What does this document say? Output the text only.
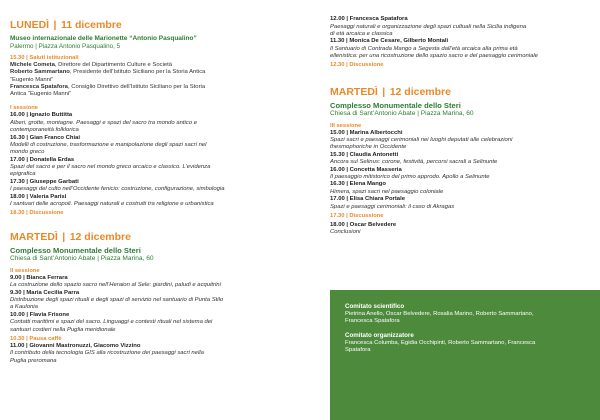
LUNEDÌ | 11 dicembre
Museo internazionale delle Marionette “Antonio Pasqualino”
Palermo | Piazza Antonio Pasqualino, 5
15.30 | Saluti istituzionali
Michele Cometa, Direttore del Dipartimento Culture e Società
Roberto Sammartano, Presidente dell’Istituto Siciliano per la Storia Antica
“Eugenio Manni”
Francesca Spatafora, Consiglio Direttivo dell’Istituto Siciliano per la Storia
Antica “Eugenio Manni”
I sessione
16.00 | Ignazio Buttitta
Alberi, grotte, montagne. Paesaggi e spazi del sacro tra mondo antico e
contemporaneità folklorica
16.30 | Gian Franco Chiai
Modelli di costruzione, trasformazione e manipolazione degli spazi sacri nel
mondo greco
17.00 | Donatella Erdas
Spazi del sacro e per il sacro nel mondo greco arcaico e classico. L’evidenza
epigrafica
17.30 | Giuseppe Garbati
I paesaggi del culto nell’Occidente fenicio: costruzione, configurazione, simbologia
18.00 | Valeria Parisi
I santuari delle acropoli. Paesaggi naturali e costruiti tra religione e urbanistica
18.30 | Discussione
MARTEDÌ | 12 dicembre
Complesso Monumentale dello Steri
Chiesa di Sant’Antonio Abate | Piazza Marina, 60
II sessione
9.00 | Bianca Ferrara
La costruzione dello spazio sacro nell’Heraion al Sele: giardini, paludi e acquitrini
9.30 | Maria Cecilia Parra
Distribuzione degli spazi rituali e degli spazi di servizio nel santuario di Punta Stilo
a Kaulonia
10.00 | Flavia Frisone
Contatti marittimi e spazi del sacro. Linguaggi e contesti rituali nel sistema dei
santuari costieri nella Puglia meridionale
10.30 | Pausa caffè
11.00 | Giovanni Mastronuzzi, Giacomo Vizzino
Il contributo della tecnologia GIS alla ricostruzione dei paesaggi sacri nella
Puglia preromana
12.00 | Francesca Spatafora
Paesaggi naturali e organizzazione degli spazi cultuali nella Sicilia indigena
di età arcaica e classica
11.30 | Monica De Cesare, Gilberto Montali
Il Santuario di Contrada Mango a Segesta dall’età arcaica alla prima età
ellenistica: per una ricostruzione dello spazio sacro e del paesaggio cerimoniale
12.30 | Discussione
MARTEDÌ | 12 dicembre
Complesso Monumentale dello Steri
Chiesa di Sant’Antonio Abate | Piazza Marina, 60
III sessione
15.00 | Marina Albertocchi
Spazi sacri e paesaggi cerimoniali nei luoghi deputati alle celebrazioni
thesmophoriche in Occidente
15.30 | Claudia Antonetti
Ancora sul Selinus: corone, festività, percorsi sacrali a Selinunte
16.00 | Concetta Masseria
Il paesaggio mitistorico del primo approdo. Apollo a Selinunte
16.30 | Elena Mango
Himera, spazi sacri nel paesaggio coloniale
17.00 | Elisa Chiara Portale
Spazi e paesaggi cerimoniali: il caso di Akragas
17.30 | Discussione
18.00 | Oscar Belvedere
Conclusioni
Comitato scientifico
Pietrina Anello, Oscar Belvedere, Rosalia Marino, Roberto Sammartano,
Francesca Spatafora
Comitato organizzatore
Francesca Columba, Egidia Occhipinti, Roberto Sammartano, Francesca
Spatafora
